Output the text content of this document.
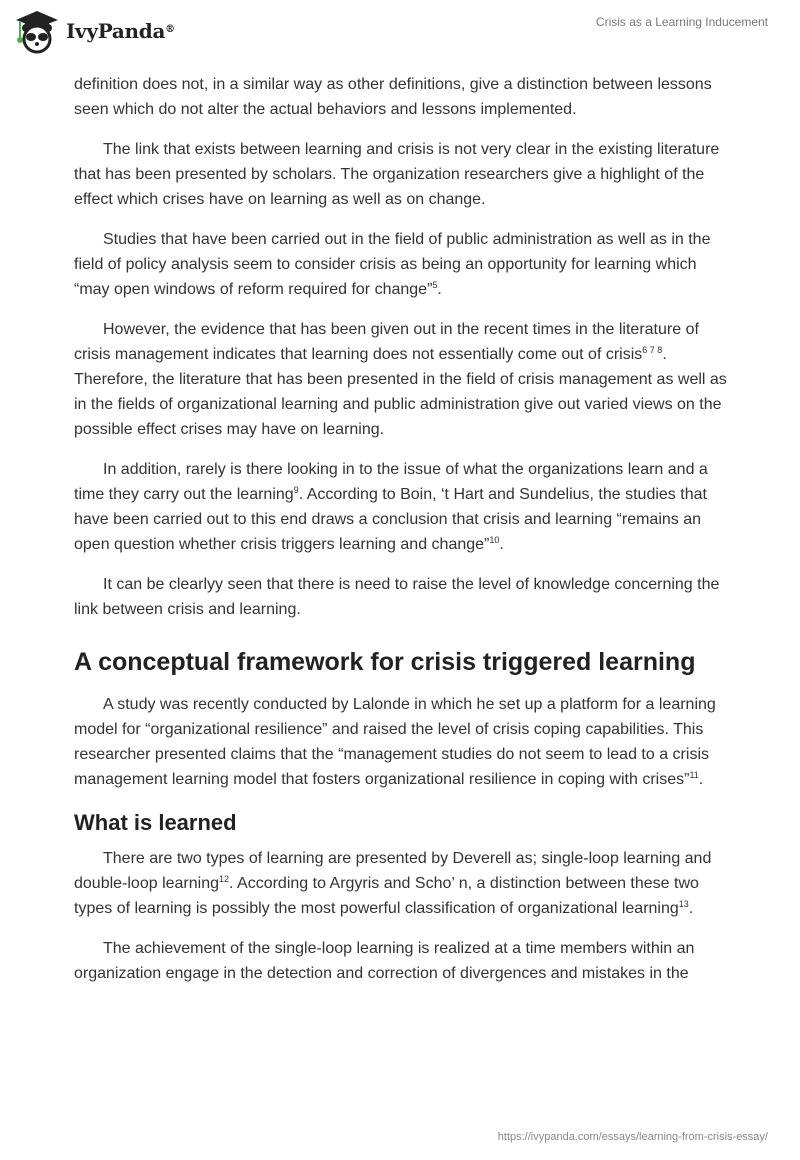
IvyPanda®
Crisis as a Learning Inducement

definition does not, in a similar way as other definitions, give a distinction between lessons seen which do not alter the actual behaviors and lessons implemented.

The link that exists between learning and crisis is not very clear in the existing literature that has been presented by scholars. The organization researchers give a highlight of the effect which crises have on learning as well as on change.

Studies that have been carried out in the field of public administration as well as in the field of policy analysis seem to consider crisis as being an opportunity for learning which “may open windows of reform required for change”$^5$.

However, the evidence that has been given out in the recent times in the literature of crisis management indicates that learning does not essentially come out of crisis$^{6 7 8}$. Therefore, the literature that has been presented in the field of crisis management as well as in the fields of organizational learning and public administration give out varied views on the possible effect crises may have on learning.

In addition, rarely is there looking in to the issue of what the organizations learn and a time they carry out the learning$^9$. According to Boin, ‘t Hart and Sundelius, the studies that have been carried out to this end draws a conclusion that crisis and learning “remains an open question whether crisis triggers learning and change”$^{10}$.

It can be clearlyy seen that there is need to raise the level of knowledge concerning the link between crisis and learning.

A conceptual framework for crisis triggered learning

A study was recently conducted by Lalonde in which he set up a platform for a learning model for “organizational resilience” and raised the level of crisis coping capabilities. This researcher presented claims that the “management studies do not seem to lead to a crisis management learning model that fosters organizational resilience in coping with crises”$^{11}$.

What is learned

There are two types of learning are presented by Deverell as; single-loop learning and double-loop learning$^{12}$. According to Argyris and Scho’ n, a distinction between these two types of learning is possibly the most powerful classification of organizational learning$^{13}$.

The achievement of the single-loop learning is realized at a time members within an organization engage in the detection and correction of divergences and mistakes in the

https://ivypanda.com/essays/learning-from-crisis-essay/
